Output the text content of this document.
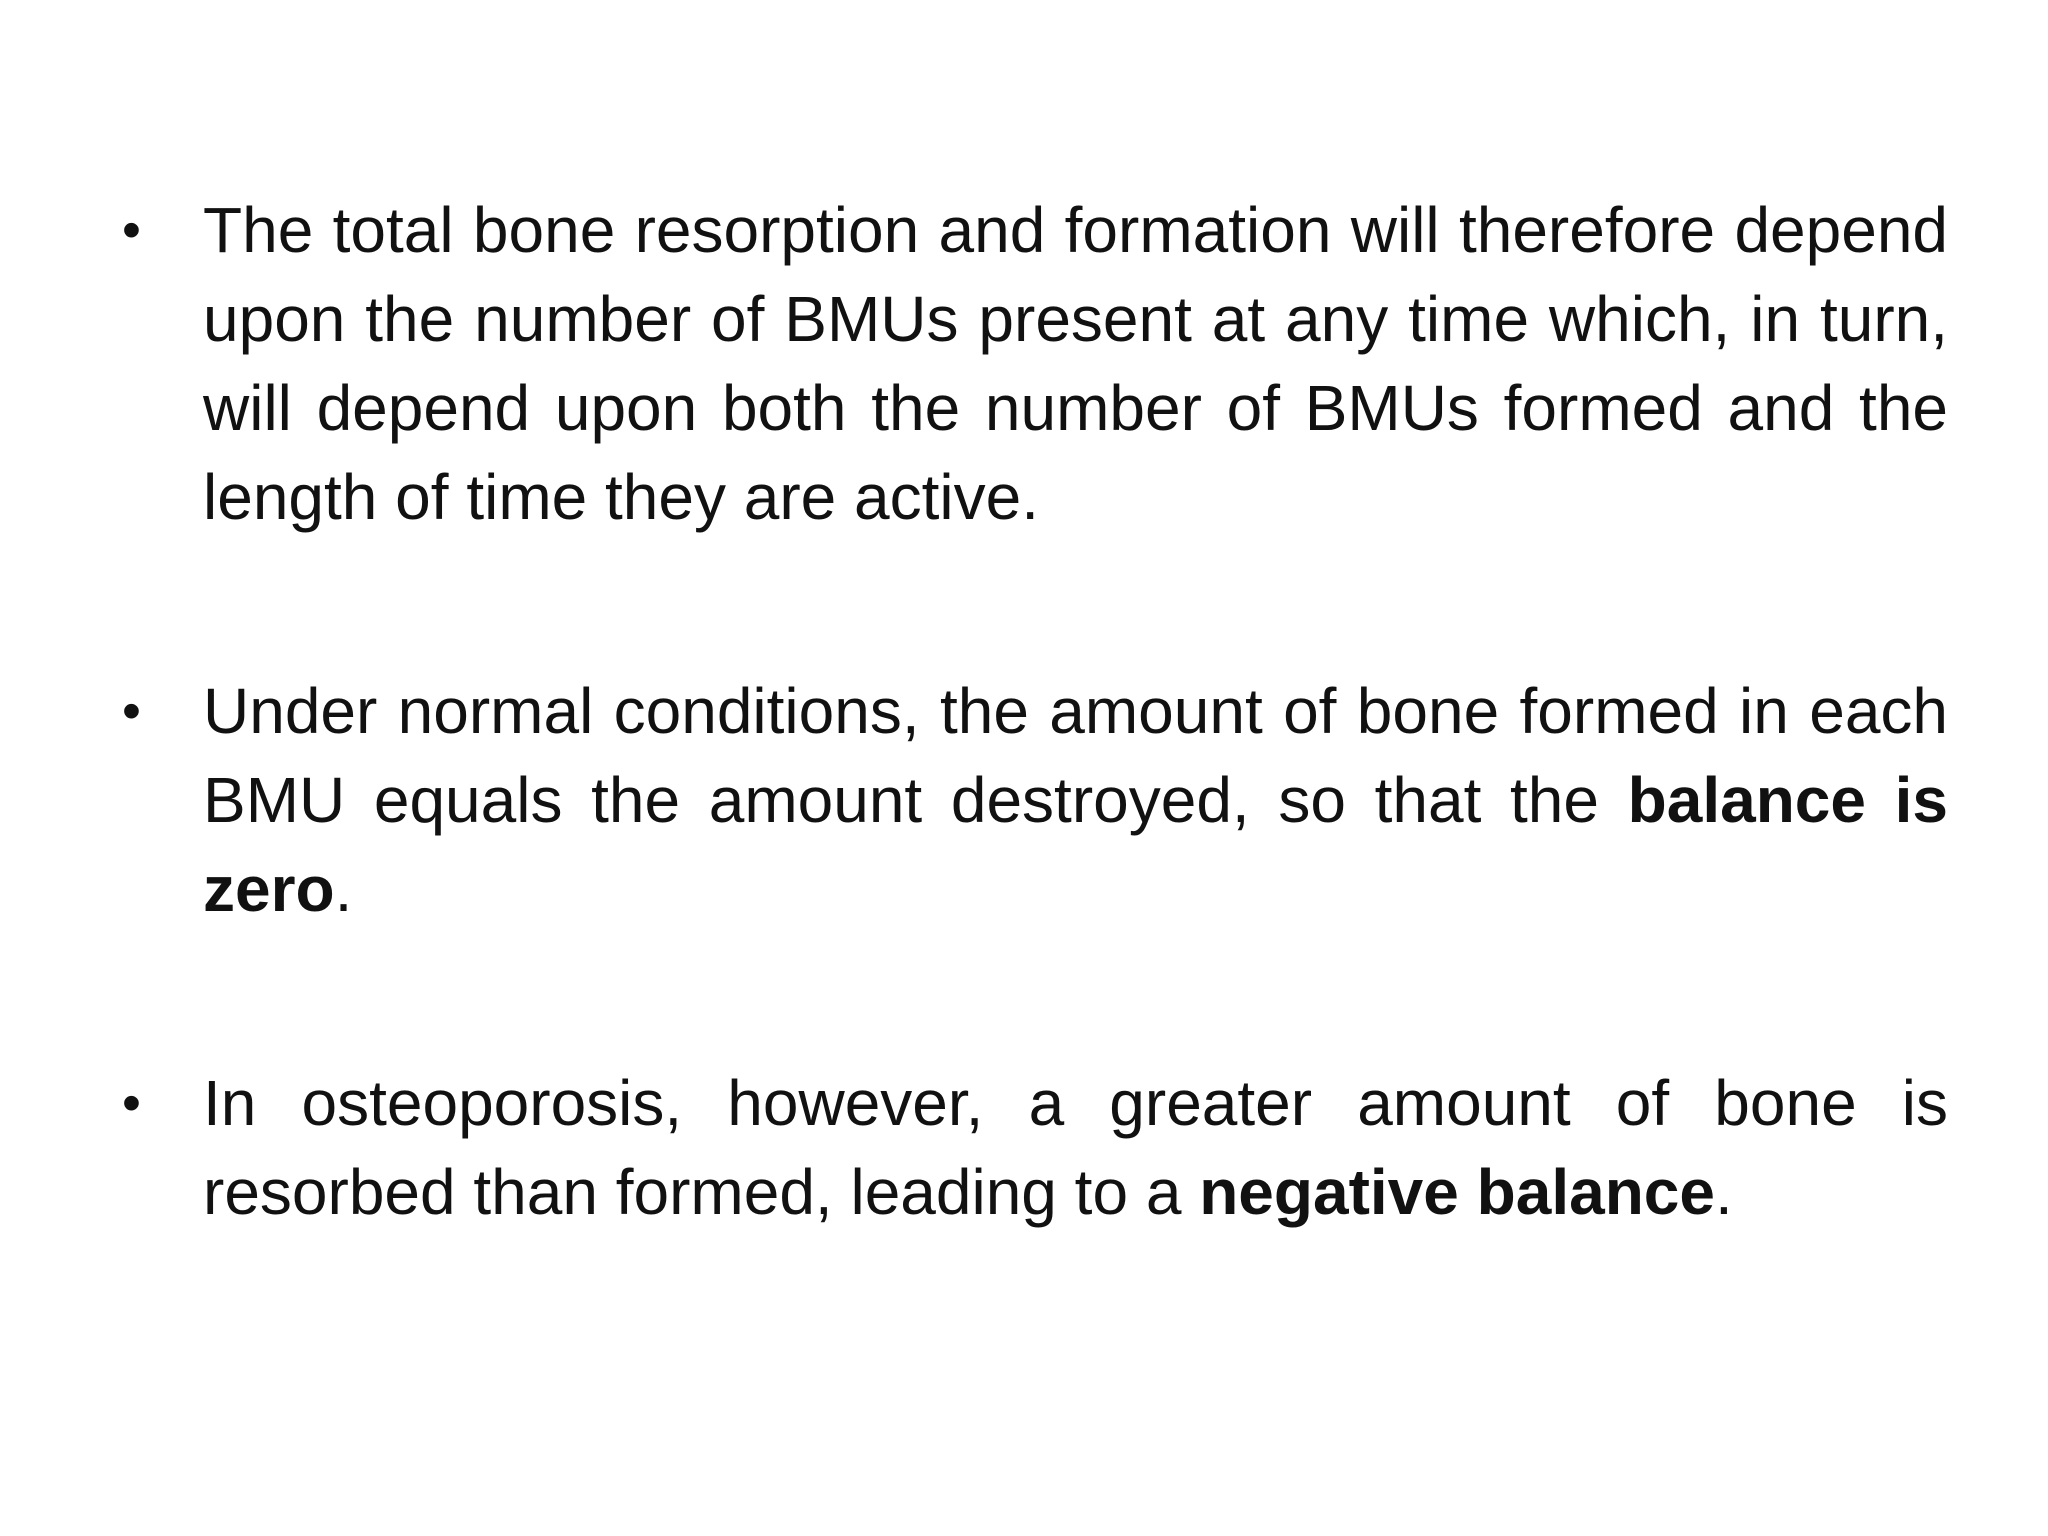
• The total bone resorption and formation will therefore depend upon the number of BMUs present at any time which, in turn, will depend upon both the number of BMUs formed and the length of time they are active.
• Under normal conditions, the amount of bone formed in each BMU equals the amount destroyed, so that the balance is zero.
• In osteoporosis, however, a greater amount of bone is resorbed than formed, leading to a negative balance.
